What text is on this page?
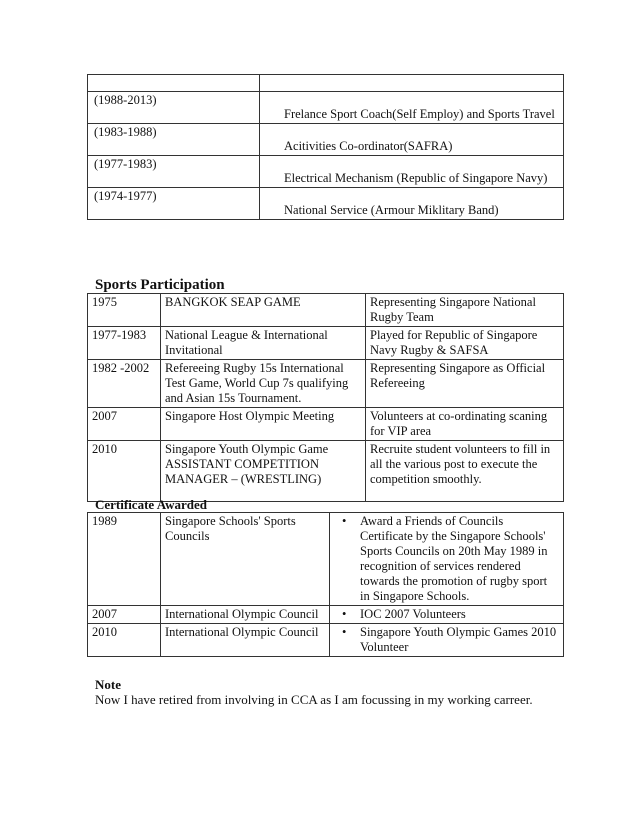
(1988-2013)	Frelance Sport Coach(Self Employ) and Sports Travel

(1983-1988)	Acitivities Co-ordinator(SAFRA)

(1977-1983)	Electrical Mechanism (Republic of Singapore Navy)

(1974-1977)	National Service (Armour Miklitary Band)
Sports Participation
1975	BANGKOK SEAP GAME	Representing Singapore National Rugby Team
1977-1983	National League & International Invitational	Played for Republic of Singapore Navy Rugby & SAFSA
1982 -2002	Refereeing Rugby 15s International Test Game, World Cup 7s qualifying and Asian 15s Tournament.	Representing Singapore as Official Refereeing
2007	Singapore Host Olympic Meeting	Volunteers at co-ordinating scaning for VIP area
2010	Singapore Youth Olympic Game ASSISTANT COMPETITION MANAGER – (WRESTLING)	Recruite student volunteers to fill in all the various post to execute the competition smoothly.
Certificate Awarded
1989	Singapore Schools' Sports Councils	• Award a Friends of Councils Certificate by the Singapore Schools' Sports Councils on 20th May 1989 in recognition of services rendered towards the promotion of rugby sport in Singapore Schools.

2007	International Olympic Council	• IOC 2007 Volunteers

2010	International Olympic Council	• Singapore Youth Olympic Games 2010 Volunteer
Note
Now I have retired from involving in CCA as I am focussing in my working carreer.
